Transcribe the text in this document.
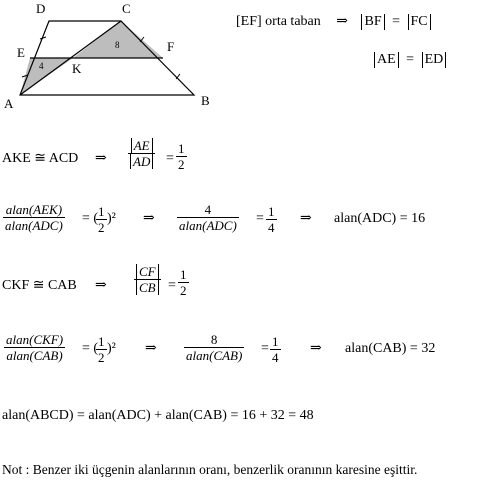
D	C
E	F
K
A	B
4
8
[EF] orta taban ⇒ BF = FC
AE = ED
AKE ≅ ACD ⇒
AE
AD	=
1
2
alan(AEK)
alan(ADC) = ( 1
2
)² ⇒
4
alan(ADC) = 1
4
⇒ alan(ADC) = 16
CKF ≅ CAB ⇒
CF
CB =
1
2
alan(CKF)
alan(CAB) = ( 1
2
)² ⇒
8
alan(CAB) = 1
4
⇒ alan(CAB) = 32
alan(ABCD) = alan(ADC) + alan(CAB) = 16 + 32 = 48
Not : Benzer iki üçgenin alanlarının oranı, benzerlik oranının karesine eşittir.
